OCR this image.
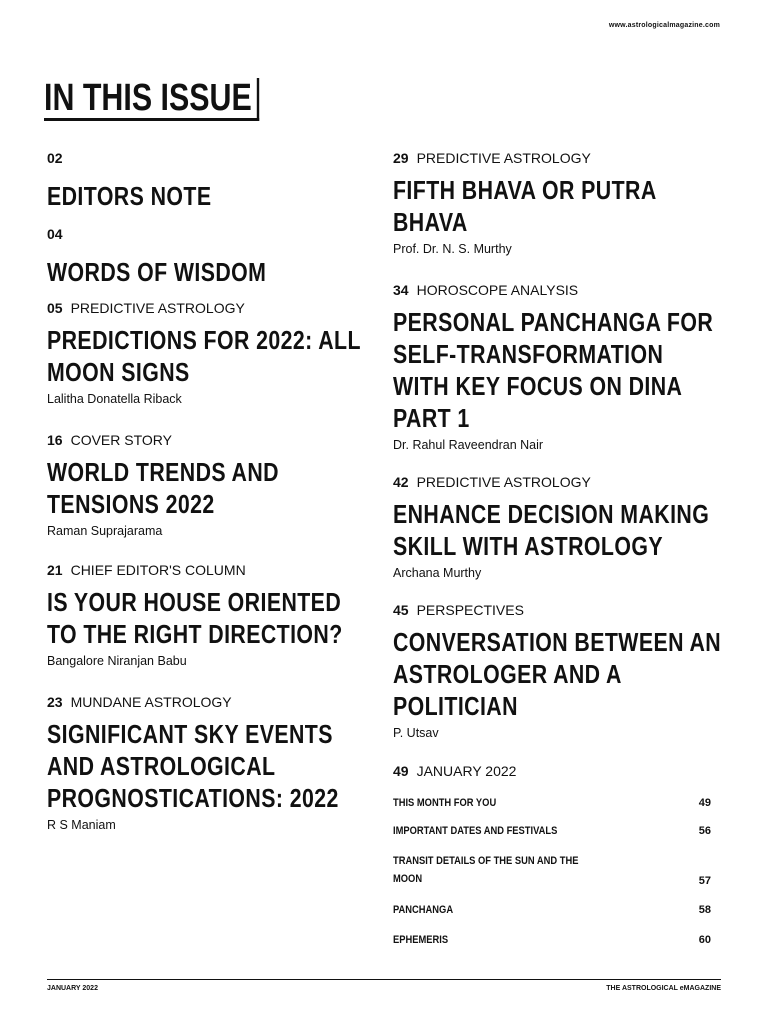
www.astrologicalmagazine.com
IN THIS ISSUE
02
EDITORS NOTE
04
WORDS OF WISDOM
05 PREDICTIVE ASTROLOGY
PREDICTIONS FOR 2022: ALL MOON SIGNS
Lalitha Donatella Riback
16 COVER STORY
WORLD TRENDS AND TENSIONS 2022
Raman Suprajarama
21 CHIEF EDITOR'S COLUMN
IS YOUR HOUSE ORIENTED TO THE RIGHT DIRECTION?
Bangalore Niranjan Babu
23 MUNDANE ASTROLOGY
SIGNIFICANT SKY EVENTS AND ASTROLOGICAL PROGNOSTICATIONS: 2022
R S Maniam
29 PREDICTIVE ASTROLOGY
FIFTH BHAVA OR PUTRA BHAVA
Prof. Dr. N. S. Murthy
34 HOROSCOPE ANALYSIS
PERSONAL PANCHANGA FOR SELF-TRANSFORMATION WITH KEY FOCUS ON DINA PART 1
Dr. Rahul Raveendran Nair
42 PREDICTIVE ASTROLOGY
ENHANCE DECISION MAKING SKILL WITH ASTROLOGY
Archana Murthy
45 PERSPECTIVES
CONVERSATION BETWEEN AN ASTROLOGER AND A POLITICIAN
P. Utsav
49 JANUARY 2022
THIS MONTH FOR YOU	49
IMPORTANT DATES AND FESTIVALS	56
TRANSIT DETAILS OF THE SUN AND THE MOON	57
PANCHANGA	58
EPHEMERIS	60
JANUARY 2022	THE ASTROLOGICAL eMAGAZINE
